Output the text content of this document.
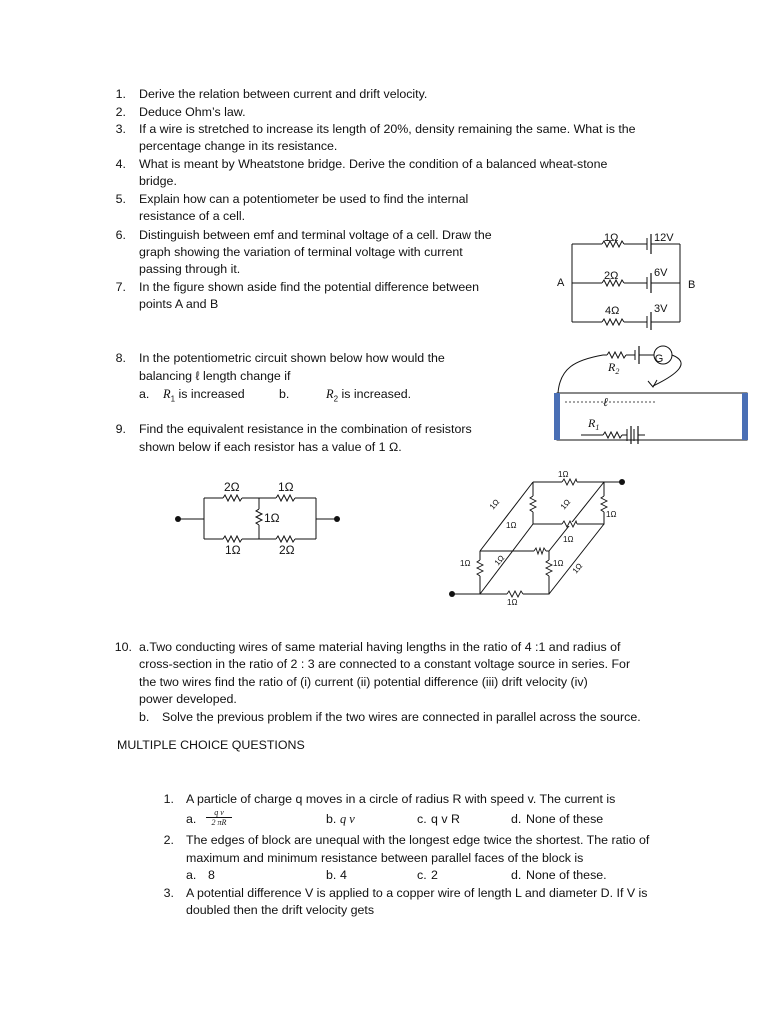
1. Derive the relation between current and drift velocity.
2. Deduce Ohm’s law.
3. If a wire is stretched to increase its length of 20%, density remaining the same. What is the
percentage change in its resistance.
4. What is meant by Wheatstone bridge. Derive the condition of a balanced wheat-stone
bridge.
5. Explain how can a potentiometer be used to find the internal
resistance of a cell.
6. Distinguish between emf and terminal voltage of a cell. Draw the
graph showing the variation of terminal voltage with current
passing through it.
7. In the figure shown aside find the potential difference between
points A and B
8. In the potentiometric circuit shown below how would the
balancing ℓ length change if
a. $R_1$ is increased	b.	$R_2$ is increased.
9. Find the equivalent resistance in the combination of resistors
shown below if each resistor has a value of 1 Ω.
10. a.Two conducting wires of same material having lengths in the ratio of 4 :1 and radius of
cross-section in the ratio of 2 : 3 are connected to a constant voltage source in series. For
the two wires find the ratio of (i) current (ii) potential difference (iii) drift velocity (iv)
power developed.
b. Solve the previous problem if the two wires are connected in parallel across the source.
MULTIPLE CHOICE QUESTIONS
1. A particle of charge q moves in a circle of radius R with speed v. The current is
a.	q v
2 πR	b. q v	c. q v R	d. None of these
2. The edges of block are unequal with the longest edge twice the shortest. The ratio of
maximum and minimum resistance between parallel faces of the block is
a. 8	b. 4	c. 2	d. None of these.
3. A potential difference V is applied to a copper wire of length L and diameter D. If V is
doubled then the drift velocity gets
1Ω
2Ω
4Ω
12V
6V
3V
A	B
G
$R_2$
ℓ
$R_1$
2Ω	1Ω
1Ω
1Ω	2Ω
1Ω
1Ω	1Ω
1Ω
1Ω
1Ω
1Ω	1Ω	1Ω 1Ω
1Ω
